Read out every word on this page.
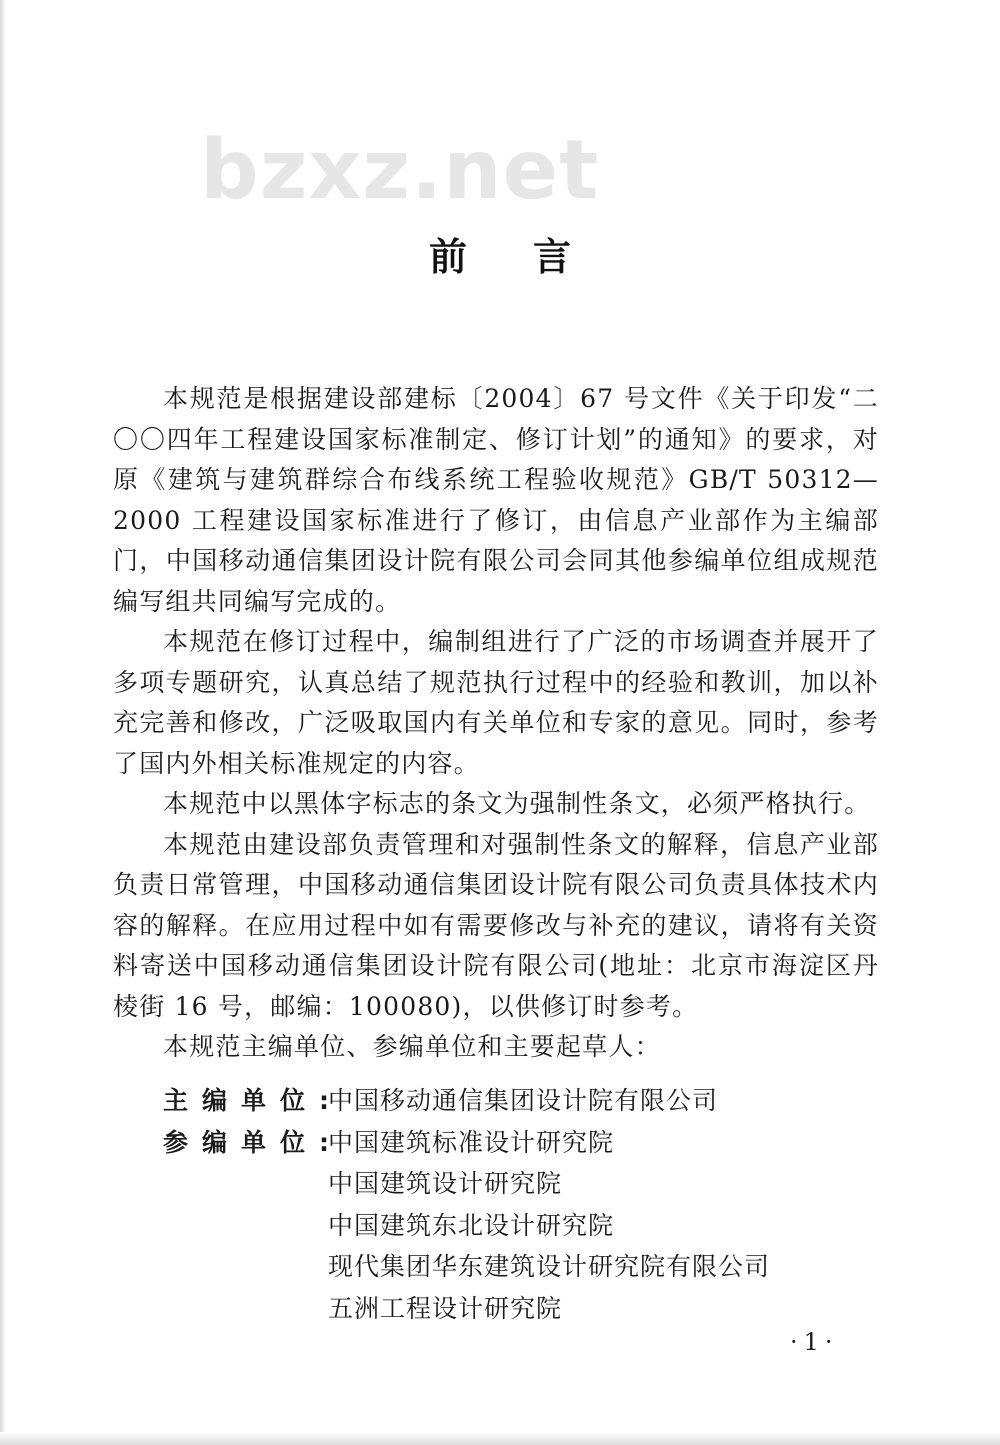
bzxz.net
前言

本规范是根据建设部建标〔2004〕67 号文件《关于印发“二〇〇四年工程建设国家标准制定、修订计划”的通知》的要求，对原《建筑与建筑群综合布线系统工程验收规范》GB/T 50312—2000 工程建设国家标准进行了修订，由信息产业部作为主编部门，中国移动通信集团设计院有限公司会同其他参编单位组成规范编写组共同编写完成的。

本规范在修订过程中，编制组进行了广泛的市场调查并展开了多项专题研究，认真总结了规范执行过程中的经验和教训，加以补充完善和修改，广泛吸取国内有关单位和专家的意见。同时，参考了国内外相关标准规定的内容。

本规范中以黑体字标志的条文为强制性条文，必须严格执行。

本规范由建设部负责管理和对强制性条文的解释，信息产业部负责日常管理，中国移动通信集团设计院有限公司负责具体技术内容的解释。在应用过程中如有需要修改与补充的建议，请将有关资料寄送中国移动通信集团设计院有限公司(地址：北京市海淀区丹棱街 16 号，邮编：100080)，以供修订时参考。

本规范主编单位、参编单位和主要起草人：

主编单位:
中国移动通信集团设计院有限公司
参编单位:
中国建筑标准设计研究院
中国建筑设计研究院
中国建筑东北设计研究院
现代集团华东建筑设计研究院有限公司
五洲工程设计研究院
·1·
